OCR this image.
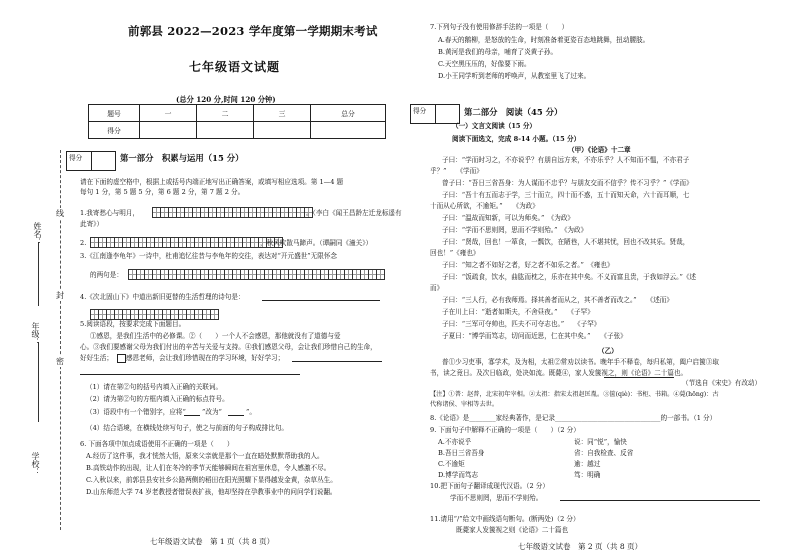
前郭县 2022—2023 学年度第一学期期末考试
七年级语文试题
(总分 120 分,时间 120 分钟)
题号	一	二	三	总分
得分				
姓名：
年级：
学校：
线
封
密
得分	第一部分　积累与运用（15 分）
请在下面的虚空格中，根据上或括号内端正地写出正确答案，或填写相应选项。第 1—4 题
每句 1 分，第 5 题 5 分，第 6 题 2 分，第 7 题 2 分。
1.我寄愁心与明月，	。（李白《闻王昌龄左迁龙标遥有
此寄》）
2.	，秋风吹散马蹄声。（谭嗣同《潼关》）
3.《江南逢李龟年》一诗中，杜甫追忆往昔与李龟年的交往，表达对“开元盛世”无限怀念
的两句是：
4.《次北固山下》中道出新旧更替的生活哲理的诗句是：
5.阅读语段，按要求完成下面题目。
①感恩，是我们生活中的必修课。②（　　）一个人不会感恩，那他就没有了道德与爱
心。③我们要感谢父母为我们付出的辛苦与关爱与支持。④我们感恩父母，会让我们珍惜自己的生命，
好好生活； 感恩老师，会让我们珍惜现在的学习环境，好好学习；
（1）请在第②句的括号内填入正确的关联词。
（2）请为第②句的方框内填入正确的标点符号。
（3）语段中有一个错别字，应将“ ”改为“	”。
（4）结合语境，在横线处续写句子，使之与前面的句子构成排比句。
6. 下面各项中加点成语使用不正确的一项是（　　）
A.经历了这件事，我才恍然大悟，原来父亲就是那个一直在暗处默默帮助我的人。
B.高铁动作的出现，让人们在冬冷的季节天能够瞬间在祖宫里休息，令人感激不尽。
C.入秋以来，前郭县县安社乡公路两侧的稻田在阳光照耀下显得越发金黄，杂草丛生。
D.山东师范大学 74 岁老教授者错误表扩孩，他却坚持在孕教事业中的问问学们说翻。
七年级语文试卷　第 1 页（共 8 页）
7.下列句子没有使用修辞手法的一项是（　　）
A.春天的鹅柳，是怒放的生命，时刻准备着更姿百态地跳舞，扭动腰肢。
B.黄河是我们的母亲，哺育了炎黄子孙。
C.天空黑压压的，好像要下雨。
D.小王同学听到老师的呼唤声，从教室里飞了过来。
得分	第二部分　阅读（45 分）
（一）文言文阅读（15 分）
阅读下面选文，完成 8-14 小题。（15 分）
（甲）《论语》十二章
子曰：“学而时习之，不亦说乎？有朋自远方来，不亦乐乎？人不知而不愠，不亦君子
乎？”　　《学而》
曾子曰：“吾日三省吾身：为人谋而不忠乎？与朋友交而不信乎？传不习乎？”《学而》
子曰：“吾十有五而志于学，三十而立，四十而不惑，五十而知天命，六十而耳顺，七
十而从心所欲，不逾矩。”　　《为政》
子曰：“温故而知新，可以为师矣。”　《为政》
子曰：“学而不思则罔，思而不学则殆。”　《为政》
子曰：“贤哉，回也！一箪食，一瓢饮，在陋巷，人不堪其忧，回也不改其乐。贤哉，
回也！”《雍也》
子曰：“知之者不如好之者，好之者不如乐之者。”　《雍也》
子曰：“饭疏食，饮水，曲肱而枕之，乐亦在其中矣。不义而富且贵，于我如浮云。”《述
而》
子曰：“三人行，必有我师焉。择其善者而从之，其不善者而改之。”　　《述而》
子在川上曰：“逝者如斯夫，不舍昼夜。”　　《子罕》
子曰：“三军可夺帅也，匹夫不可夺志也。”　　《子罕》
子夏曰：“博学而笃志，切问而近思，仁在其中矣。”　　《子张》
（乙）
普①少习吏事，寡学术，及为相，太祖②常劝以读书。晚年手不释卷，每归私第，阖户启箧③取
书，读之竟日。及次日临政，处决如流。既薨④，家人发箧视之，则《论语》二十篇也。
（节选自《宋史》有改动）
【注】①普：赵普，北宋初年宰相。②太祖：指宋太祖赵匡胤。③箧(qiè)：书柜、书箱。④薨(hōng)：古
代称诸侯、宰相等去世。
8.《论语》是________家经典著作，是记录________________________________的一部书。（1 分）
9. 下面句子中解释不正确的一项是（　　）（2 分）
A.不亦说乎	说：同“悦”，愉快
B.吾日三省吾身	省：自我检查、反省
C.不逾矩	逾：越过
D.博学而笃志	笃：明确
10.把下面句子翻译成现代汉语。（2 分）
学而不思则罔，思而不学则殆。
11.请用“/”给文中画线语句断句。(断两处)（2 分）
既薨家人发箧视之则《论语》二十篇也
七年级语文试卷　第 2 页（共 8 页）
